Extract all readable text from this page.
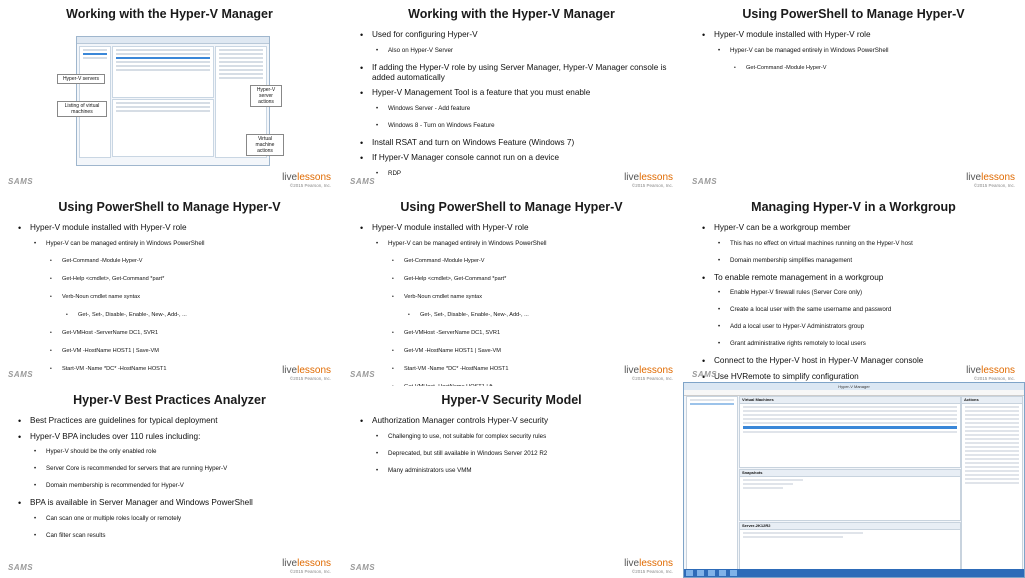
Working with the Hyper-V Manager
Hyper-V servers
Listing of virtual machines
Hyper-V server actions
Virtual machine actions
SAMS	livelessons
©2015 Pearson, Inc.
Working with the Hyper-V Manager
• Used for configuring Hyper-V
• Also on Hyper-V Server
• If adding the Hyper-V role by using Server Manager, Hyper-V Manager console is added automatically
• Hyper-V Management Tool is a feature that you must enable
• Windows Server - Add feature
• Windows 8 - Turn on Windows Feature
• Install RSAT and turn on Windows Feature (Windows 7)
• If Hyper-V Manager console cannot run on a device
• RDP
SAMS	livelessons
©2015 Pearson, Inc.
Using PowerShell to Manage Hyper-V
• Hyper-V module installed with Hyper-V role
• Hyper-V can be managed entirely in Windows PowerShell
• Get-Command -Module Hyper-V
SAMS	livelessons
©2015 Pearson, Inc.
Using PowerShell to Manage Hyper-V
• Hyper-V module installed with Hyper-V role
• Hyper-V can be managed entirely in Windows PowerShell
• Get-Command -Module Hyper-V
• Get-Help <cmdlet>, Get-Command *part*
• Verb-Noun cmdlet name syntax
• Get-, Set-, Disable-, Enable-, New-, Add-, ...
• Get-VMHost -ServerName DC1, SVR1
• Get-VM -HostName HOST1 | Save-VM
• Start-VM -Name *DC* -HostName HOST1
SAMS	livelessons
©2015 Pearson, Inc.
Using PowerShell to Manage Hyper-V
• Hyper-V module installed with Hyper-V role
• Hyper-V can be managed entirely in Windows PowerShell
• Get-Command -Module Hyper-V
• Get-Help <cmdlet>, Get-Command *part*
• Verb-Noun cmdlet name syntax
• Get-, Set-, Disable-, Enable-, New-, Add-, ...
• Get-VMHost -ServerName DC1, SVR1
• Get-VM -HostName HOST1 | Save-VM
• Start-VM -Name *DC* -HostName HOST1
•
•
SAMS	livelessons
©2015 Pearson, Inc.
Managing Hyper-V in a Workgroup
• Hyper-V can be a workgroup member
• This has no effect on virtual machines running on the Hyper-V host
• Domain membership simplifies management
• To enable remote management in a workgroup
• Enable Hyper-V firewall rules (Server Core only)
• Create a local user with the same username and password
• Add a local user to Hyper-V Administrators group
• Grant administrative rights remotely to local users
• Connect to the Hyper-V host in Hyper-V Manager console
• Use HVRemote to simplify configuration
SAMS	livelessons
©2015 Pearson, Inc.
Hyper-V Best Practices Analyzer
• Best Practices are guidelines for typical deployment
• Hyper-V BPA includes over 110 rules including:
• Hyper-V should be the only enabled role
• Server Core is recommended for servers that are running Hyper-V
• Domain membership is recommended for Hyper-V
• BPA is available in Server Manager and Windows PowerShell
• Can scan one or multiple roles locally or remotely
• Can filter scan results
SAMS	livelessons
©2015 Pearson, Inc.
Hyper-V Security Model
• Authorization Manager controls Hyper-V security
• Challenging to use, not suitable for complex security rules
• Deprecated, but still available in Windows Server 2012 R2
• Many administrators use VMM
SAMS	livelessons
©2015 Pearson, Inc.
Hyper-V Manager
Virtual Machines
Snapshots
Server-2K12R2
Actions
